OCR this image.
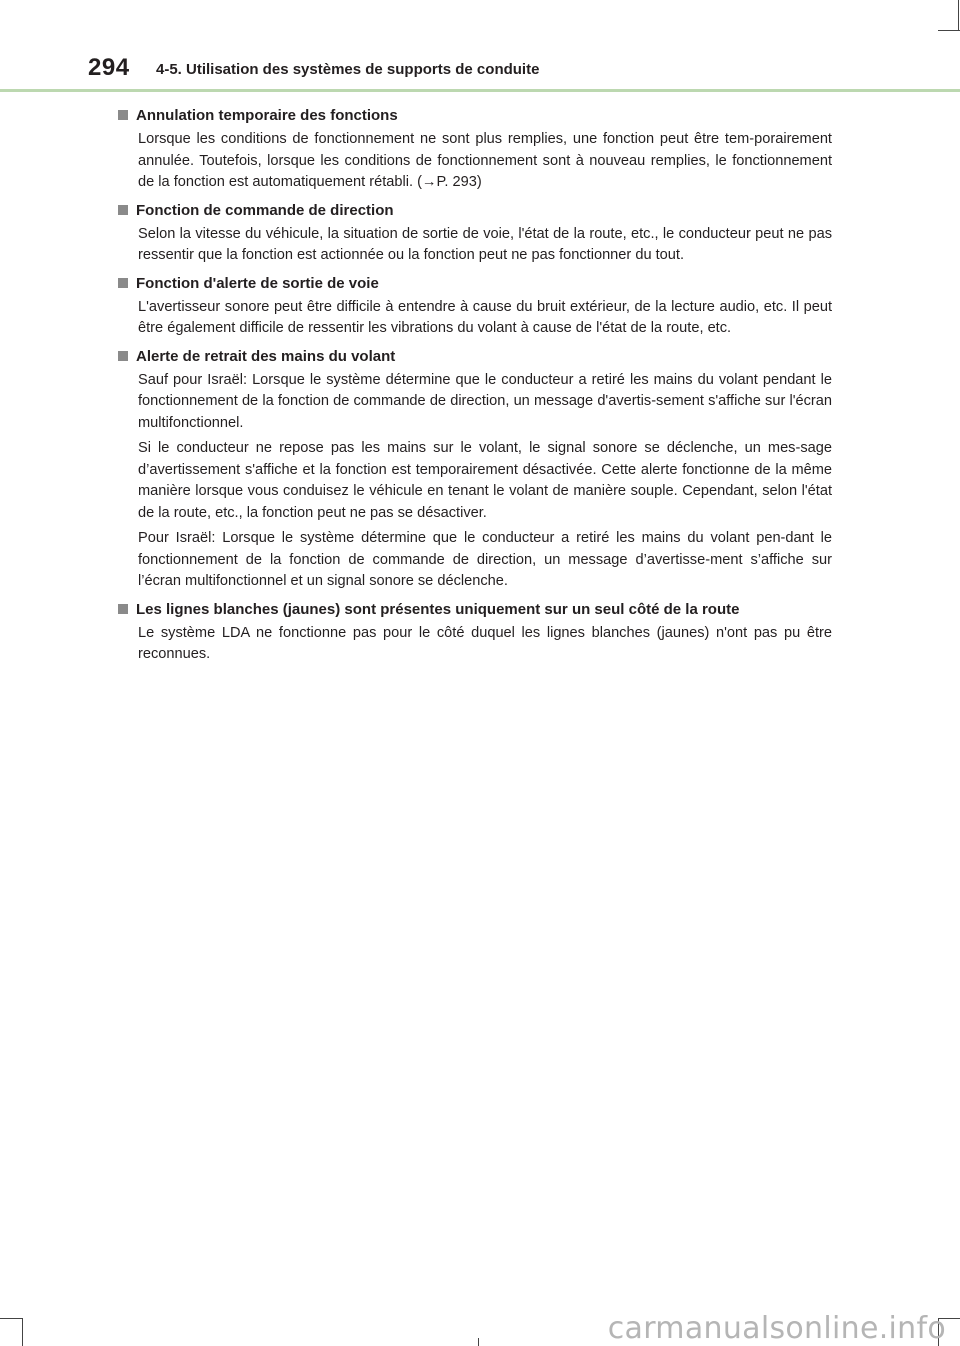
294 4-5. Utilisation des systèmes de supports de conduite
Annulation temporaire des fonctions

Lorsque les conditions de fonctionnement ne sont plus remplies, une fonction peut être tem-porairement annulée. Toutefois, lorsque les conditions de fonctionnement sont à nouveau remplies, le fonctionnement de la fonction est automatiquement rétabli. (→P. 293)

Fonction de commande de direction

Selon la vitesse du véhicule, la situation de sortie de voie, l'état de la route, etc., le conducteur peut ne pas ressentir que la fonction est actionnée ou la fonction peut ne pas fonctionner du tout.

Fonction d'alerte de sortie de voie

L'avertisseur sonore peut être difficile à entendre à cause du bruit extérieur, de la lecture audio, etc. Il peut être également difficile de ressentir les vibrations du volant à cause de l'état de la route, etc.

Alerte de retrait des mains du volant

Sauf pour Israël: Lorsque le système détermine que le conducteur a retiré les mains du volant pendant le fonctionnement de la fonction de commande de direction, un message d'avertis-sement s'affiche sur l'écran multifonctionnel.

Si le conducteur ne repose pas les mains sur le volant, le signal sonore se déclenche, un mes-sage d’avertissement s'affiche et la fonction est temporairement désactivée. Cette alerte fonctionne de la même manière lorsque vous conduisez le véhicule en tenant le volant de manière souple. Cependant, selon l'état de la route, etc., la fonction peut ne pas se désactiver.

Pour Israël: Lorsque le système détermine que le conducteur a retiré les mains du volant pen-dant le fonctionnement de la fonction de commande de direction, un message d’avertisse-ment s’affiche sur l’écran multifonctionnel et un signal sonore se déclenche.

Les lignes blanches (jaunes) sont présentes uniquement sur un seul côté de la route

Le système LDA ne fonctionne pas pour le côté duquel les lignes blanches (jaunes) n'ont pas pu être reconnues.

carmanualsonline.info
